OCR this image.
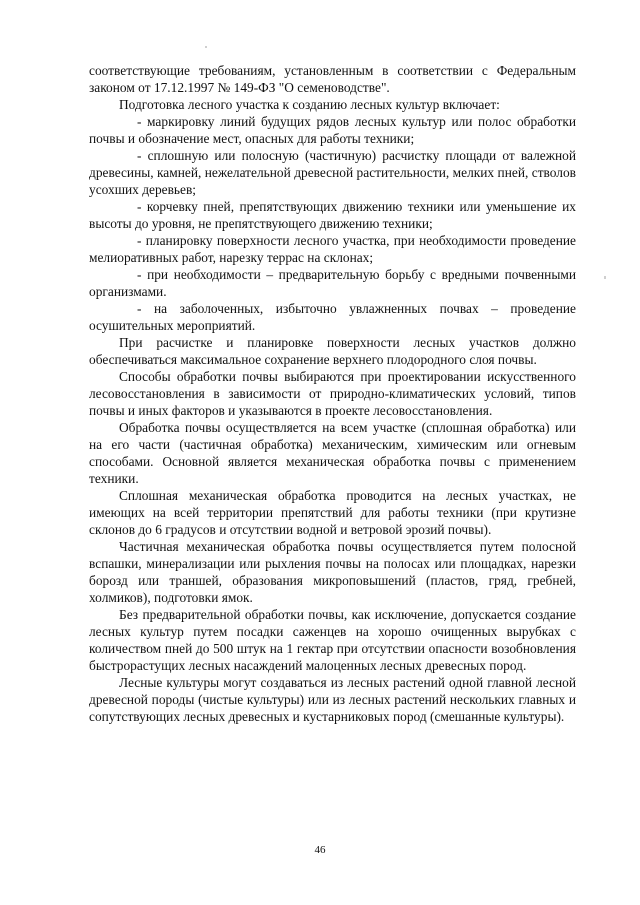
соответствующие требованиям, установленным в соответствии с Федеральным законом от 17.12.1997 № 149-ФЗ "О семеноводстве".

Подготовка лесного участка к созданию лесных культур включает:

- маркировку линий будущих рядов лесных культур или полос обработки почвы и обозначение мест, опасных для работы техники;

- сплошную или полосную (частичную) расчистку площади от валежной древесины, камней, нежелательной древесной растительности, мелких пней, стволов усохших деревьев;

- корчевку пней, препятствующих движению техники или уменьшение их высоты до уровня, не препятствующего движению техники;

- планировку поверхности лесного участка, при необходимости проведение мелиоративных работ, нарезку террас на склонах;

- при необходимости – предварительную борьбу с вредными почвенными организмами.

- на заболоченных, избыточно увлажненных почвах – проведение осушительных мероприятий.

При расчистке и планировке поверхности лесных участков должно обеспечиваться максимальное сохранение верхнего плодородного слоя почвы.

Способы обработки почвы выбираются при проектировании искусственного лесовосстановления в зависимости от природно-климатических условий, типов почвы и иных факторов и указываются в проекте лесовосстановления.

Обработка почвы осуществляется на всем участке (сплошная обработка) или на его части (частичная обработка) механическим, химическим или огневым способами. Основной является механическая обработка почвы с применением техники.

Сплошная механическая обработка проводится на лесных участках, не имеющих на всей территории препятствий для работы техники (при крутизне склонов до 6 градусов и отсутствии водной и ветровой эрозий почвы).

Частичная механическая обработка почвы осуществляется путем полосной вспашки, минерализации или рыхления почвы на полосах или площадках, нарезки борозд или траншей, образования микроповышений (пластов, гряд, гребней, холмиков), подготовки ямок.

Без предварительной обработки почвы, как исключение, допускается создание лесных культур путем посадки саженцев на хорошо очищенных вырубках с количеством пней до 500 штук на 1 гектар при отсутствии опасности возобновления быстрорастущих лесных насаждений малоценных лесных древесных пород.

Лесные культуры могут создаваться из лесных растений одной главной лесной древесной породы (чистые культуры) или из лесных растений нескольких главных и сопутствующих лесных древесных и кустарниковых пород (смешанные культуры).

46
